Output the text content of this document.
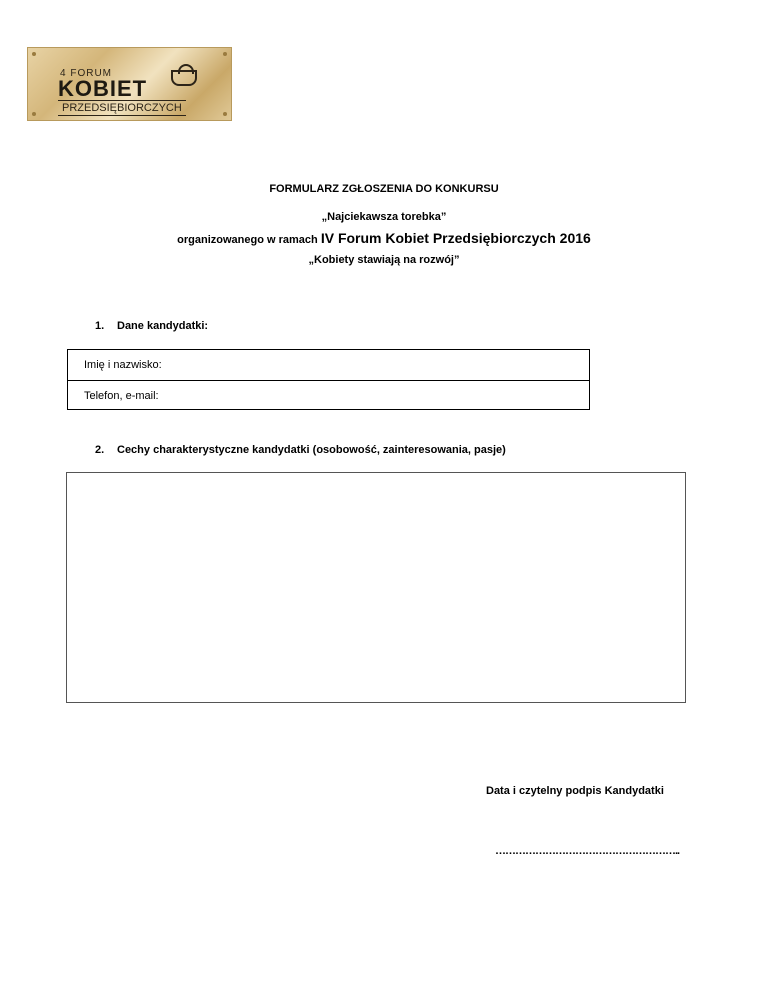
4 FORUM
KOBIET
PRZEDSIĘBIORCZYCH
FORMULARZ ZGŁOSZENIA DO KONKURSU
„Najciekawsza torebka”
organizowanego w ramach IV Forum Kobiet Przedsiębiorczych 2016
„Kobiety stawiają na rozwój”
1. Dane kandydatki:
Imię i nazwisko:
Telefon, e-mail:
2. Cechy charakterystyczne kandydatki (osobowość, zainteresowania, pasje)
Data i czytelny podpis Kandydatki
………………………………………………..
